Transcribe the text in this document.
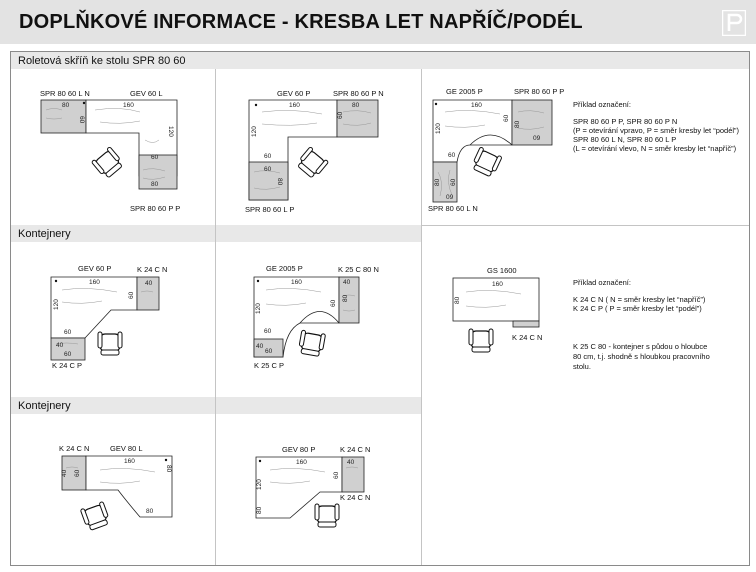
DOPLŇKOVÉ INFORMACE - KRESBA LET NAPŘÍČ/PODÉL
Roletová skříň ke stolu SPR 80 60
Kontejnery
Kontejnery
80	160
60
120
60
80
SPR 80 60 L N	GEV 60 L
SPR 80 60 P P
160	80
60
120
60
60
80
GEV 60 P	SPR 80 60 P N
SPR 80 60 L P
160
80
60
09
120
60
80 60
09
GE 2005 P	SPR 80 60 P P
SPR 80 60 L N
Příklad označení:
SPR 80 60 P P, SPR 80 60 P N
(P = otevírání vpravo, P = směr kresby let “podél”)
SPR 80 60 L N, SPR 80 60 L P
(L = otevírání vlevo, N = směr kresby let “napříč”)
160	40
60
120
60
40
60
GEV 60 P	K 24 C N
K 24 C P
160	40
80
60
120
60
40
60
GE 2005 P	K 25 C 80 N
K 25 C P
160
80
GS 1600
K 24 C N
Příklad označení:
K 24 C N ( N = směr kresby let “napříč”)
K 24 C P ( P = směr kresby let “podél”)
K 25 C 80 - kontejner s půdou o hloubce
80 cm, t.j. shodně s hloubkou pracovního
stolu.
40 60
160
80
80
K 24 C N	GEV 80 L
160	40
60
120
80
GEV 80 P	K 24 C N
K 24 C N
